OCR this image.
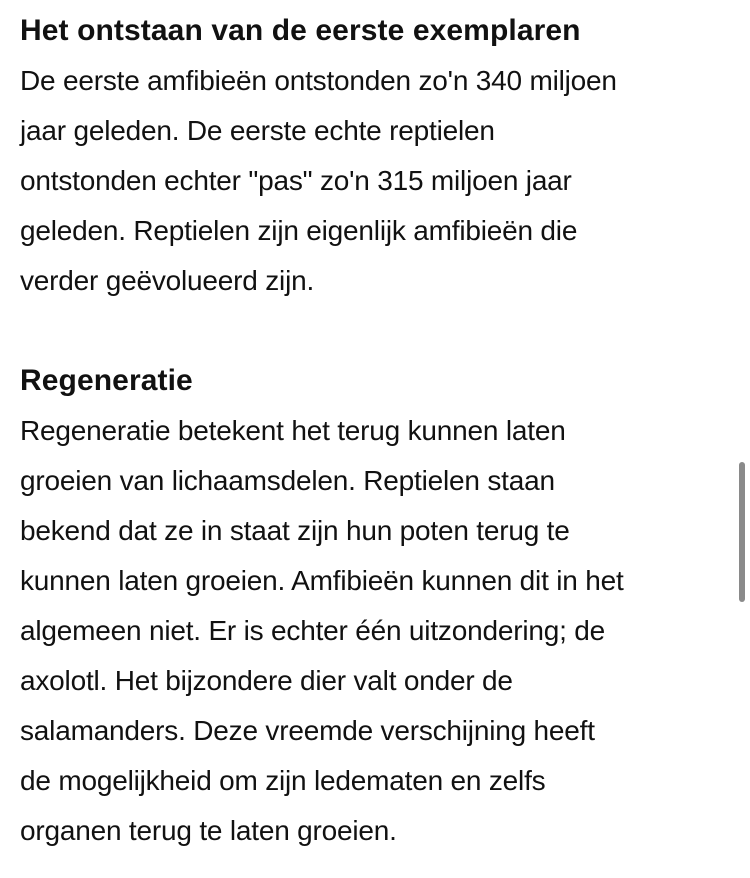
Het ontstaan van de eerste exemplaren
De eerste amfibieën ontstonden zo'n 340 miljoen
jaar geleden. De eerste echte reptielen
ontstonden echter "pas" zo'n 315 miljoen jaar
geleden. Reptielen zijn eigenlijk amfibieën die
verder geëvolueerd zijn.
Regeneratie
Regeneratie betekent het terug kunnen laten
groeien van lichaamsdelen. Reptielen staan
bekend dat ze in staat zijn hun poten terug te
kunnen laten groeien. Amfibieën kunnen dit in het
algemeen niet. Er is echter één uitzondering; de
axolotl. Het bijzondere dier valt onder de
salamanders. Deze vreemde verschijning heeft
de mogelijkheid om zijn ledematen en zelfs
organen terug te laten groeien.
